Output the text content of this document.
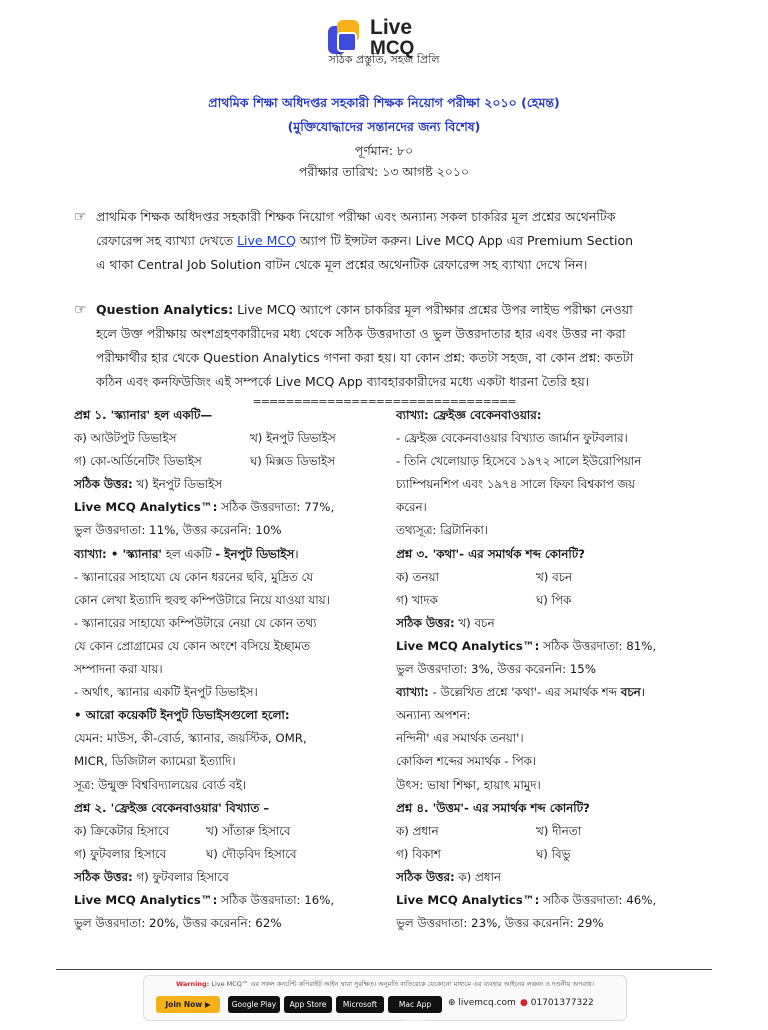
Live
MCQ
সঠিক প্রস্তুতি, সহজ প্রিলি
প্রাথমিক শিক্ষা অধিদপ্তর সহকারী শিক্ষক নিয়োগ পরীক্ষা ২০১০ (হেমন্ত)
(মুক্তিযোদ্ধাদের সন্তানদের জন্য বিশেষ)
পূর্ণমান: ৮০
পরীক্ষার তারিখ: ১৩ আগষ্ট ২০১০
☞ প্রাথমিক শিক্ষক অধিদপ্তর সহকারী শিক্ষক নিয়োগ পরীক্ষা এবং অন্যান্য সকল চাকরির মূল প্রশ্নের অথেনটিক
রেফারেন্স সহ ব্যাখ্যা দেখতে Live MCQ অ্যাপ টি ইন্সটল করুন। Live MCQ App এর Premium Section
এ থাকা Central Job Solution বাটন থেকে মূল প্রশ্নের অথেনটিক রেফারেন্স সহ ব্যাখ্যা দেখে নিন।
☞ Question Analytics: Live MCQ অ্যাপে কোন চাকরির মূল পরীক্ষার প্রশ্নের উপর লাইভ পরীক্ষা নেওয়া
হলে উক্ত পরীক্ষায় অংশগ্রহণকারীদের মধ্য থেকে সঠিক উত্তরদাতা ও ভুল উত্তরদাতার হার এবং উত্তর না করা
পরীক্ষার্থীর হার থেকে Question Analytics গণনা করা হয়। যা কোন প্রশ্ন: কতটা সহজ, বা কোন প্রশ্ন: কতটা
কঠিন এবং কনফিউজিং এই সম্পর্কে Live MCQ App ব্যাবহারকারীদের মধ্যে একটা ধারনা তৈরি হয়।
================================
প্রশ্ন ১. 'স্ক্যানার' হল একটি—
ক) আউটপুট ডিভাইস	খ) ইনপুট ডিভাইস
গ) কো-অর্ডিনেটিং ডিভাইস	ঘ) মিক্সড ডিভাইস
সঠিক উত্তর: খ) ইনপুট ডিভাইস
Live MCQ Analytics™: সঠিক উত্তরদাতা: 77%,
ভুল উত্তরদাতা: 11%, উত্তর করেননি: 10%
ব্যাখ্যা: • 'স্ক্যানার' হল একটি - ইনপুট ডিভাইস।
- স্ক্যানারের সাহায্যে যে কোন ধরনের ছবি, মুদ্রিত যে
কোন লেখা ইত্যাদি হুবহু কম্পিউটারে নিয়ে যাওয়া যায়।
- স্ক্যানারের সাহায্যে কম্পিউটারে নেয়া যে কোন তথ্য
যে কোন প্রোগ্রামের যে কোন অংশে বসিয়ে ইচ্ছামত
সম্পাদনা করা যায়।
- অর্থাৎ, স্ক্যানার একটি ইনপুট ডিভাইস।
• আরো কয়েকটি ইনপুট ডিভাইসগুলো হলো:
যেমন: মাউস, কী-বোর্ড, স্ক্যানার, জয়স্টিক, OMR,
MICR, ডিজিটাল ক্যামেরা ইত্যাদি।
সূত্র: উন্মুক্ত বিশ্ববিদ্যালয়ের বোর্ড বই।
প্রশ্ন ২. 'ফ্রেইজ্ঞ বেকেনবাওয়ার' বিখ্যাত –
ক) ক্রিকেটার হিসাবে	খ) সাঁতারু হিসাবে
গ) ফুটবলার হিসাবে	ঘ) দৌড়বিদ হিসাবে
সঠিক উত্তর: গ) ফুটবলার হিসাবে
Live MCQ Analytics™: সঠিক উত্তরদাতা: 16%,
ভুল উত্তরদাতা: 20%, উত্তর করেননি: 62%
ব্যাখ্যা: ফ্রেইজ্ঞ বেকেনবাওয়ার:
- ফ্রেইজ্ঞ বেকেনবাওয়ার বিখ্যাত জার্মান ফুটবলার।
- তিনি খেলোয়াড় হিসেবে ১৯৭২ সালে ইউরোপিয়ান
চ্যাম্পিয়নশিপ এবং ১৯৭৪ সালে ফিফা বিশ্বকাপ জয়
করেন।
তথ্যসূত্র: ব্রিটানিকা।
প্রশ্ন ৩. 'কথা'- এর সমার্থক শব্দ কোনটি?
ক) তনয়া	খ) বচন
গ) খাদক	ঘ) পিক
সঠিক উত্তর: খ) বচন
Live MCQ Analytics™: সঠিক উত্তরদাতা: 81%,
ভুল উত্তরদাতা: 3%, উত্তর করেননি: 15%
ব্যাখ্যা: - উল্লেখিত প্রশ্নে 'কথা'- এর সমার্থক শব্দ বচন।
অন্যান্য অপশন:
নন্দিনী' এর সমার্থক তনয়া'।
কোকিল শব্দের সমার্থক - পিক।
উৎস: ভাষা শিক্ষা, হায়াৎ মামুদ।
প্রশ্ন ৪. 'উত্তম'- এর সমার্থক শব্দ কোনটি?
ক) প্রধান	খ) দীনতা
গ) বিকাশ	ঘ) বিভু
সঠিক উত্তর: ক) প্রধান
Live MCQ Analytics™: সঠিক উত্তরদাতা: 46%,
ভুল উত্তরদাতা: 23%, উত্তর করেননি: 29%
Warning: Live MCQ™ এর সকল কনটেন্ট কপিরাইট আইন দ্বারা সুরক্ষিত। অনুমতি ব্যতিরেকে যেকোনো মাধ্যমে এর ব্যবহার আইনের লঙ্ঘন ও দণ্ডনীয় অপরাধ।
Join Now ▶	Google Play	App Store	Microsoft	Mac App Store
⊕ livemcq.com ● 01701377322
